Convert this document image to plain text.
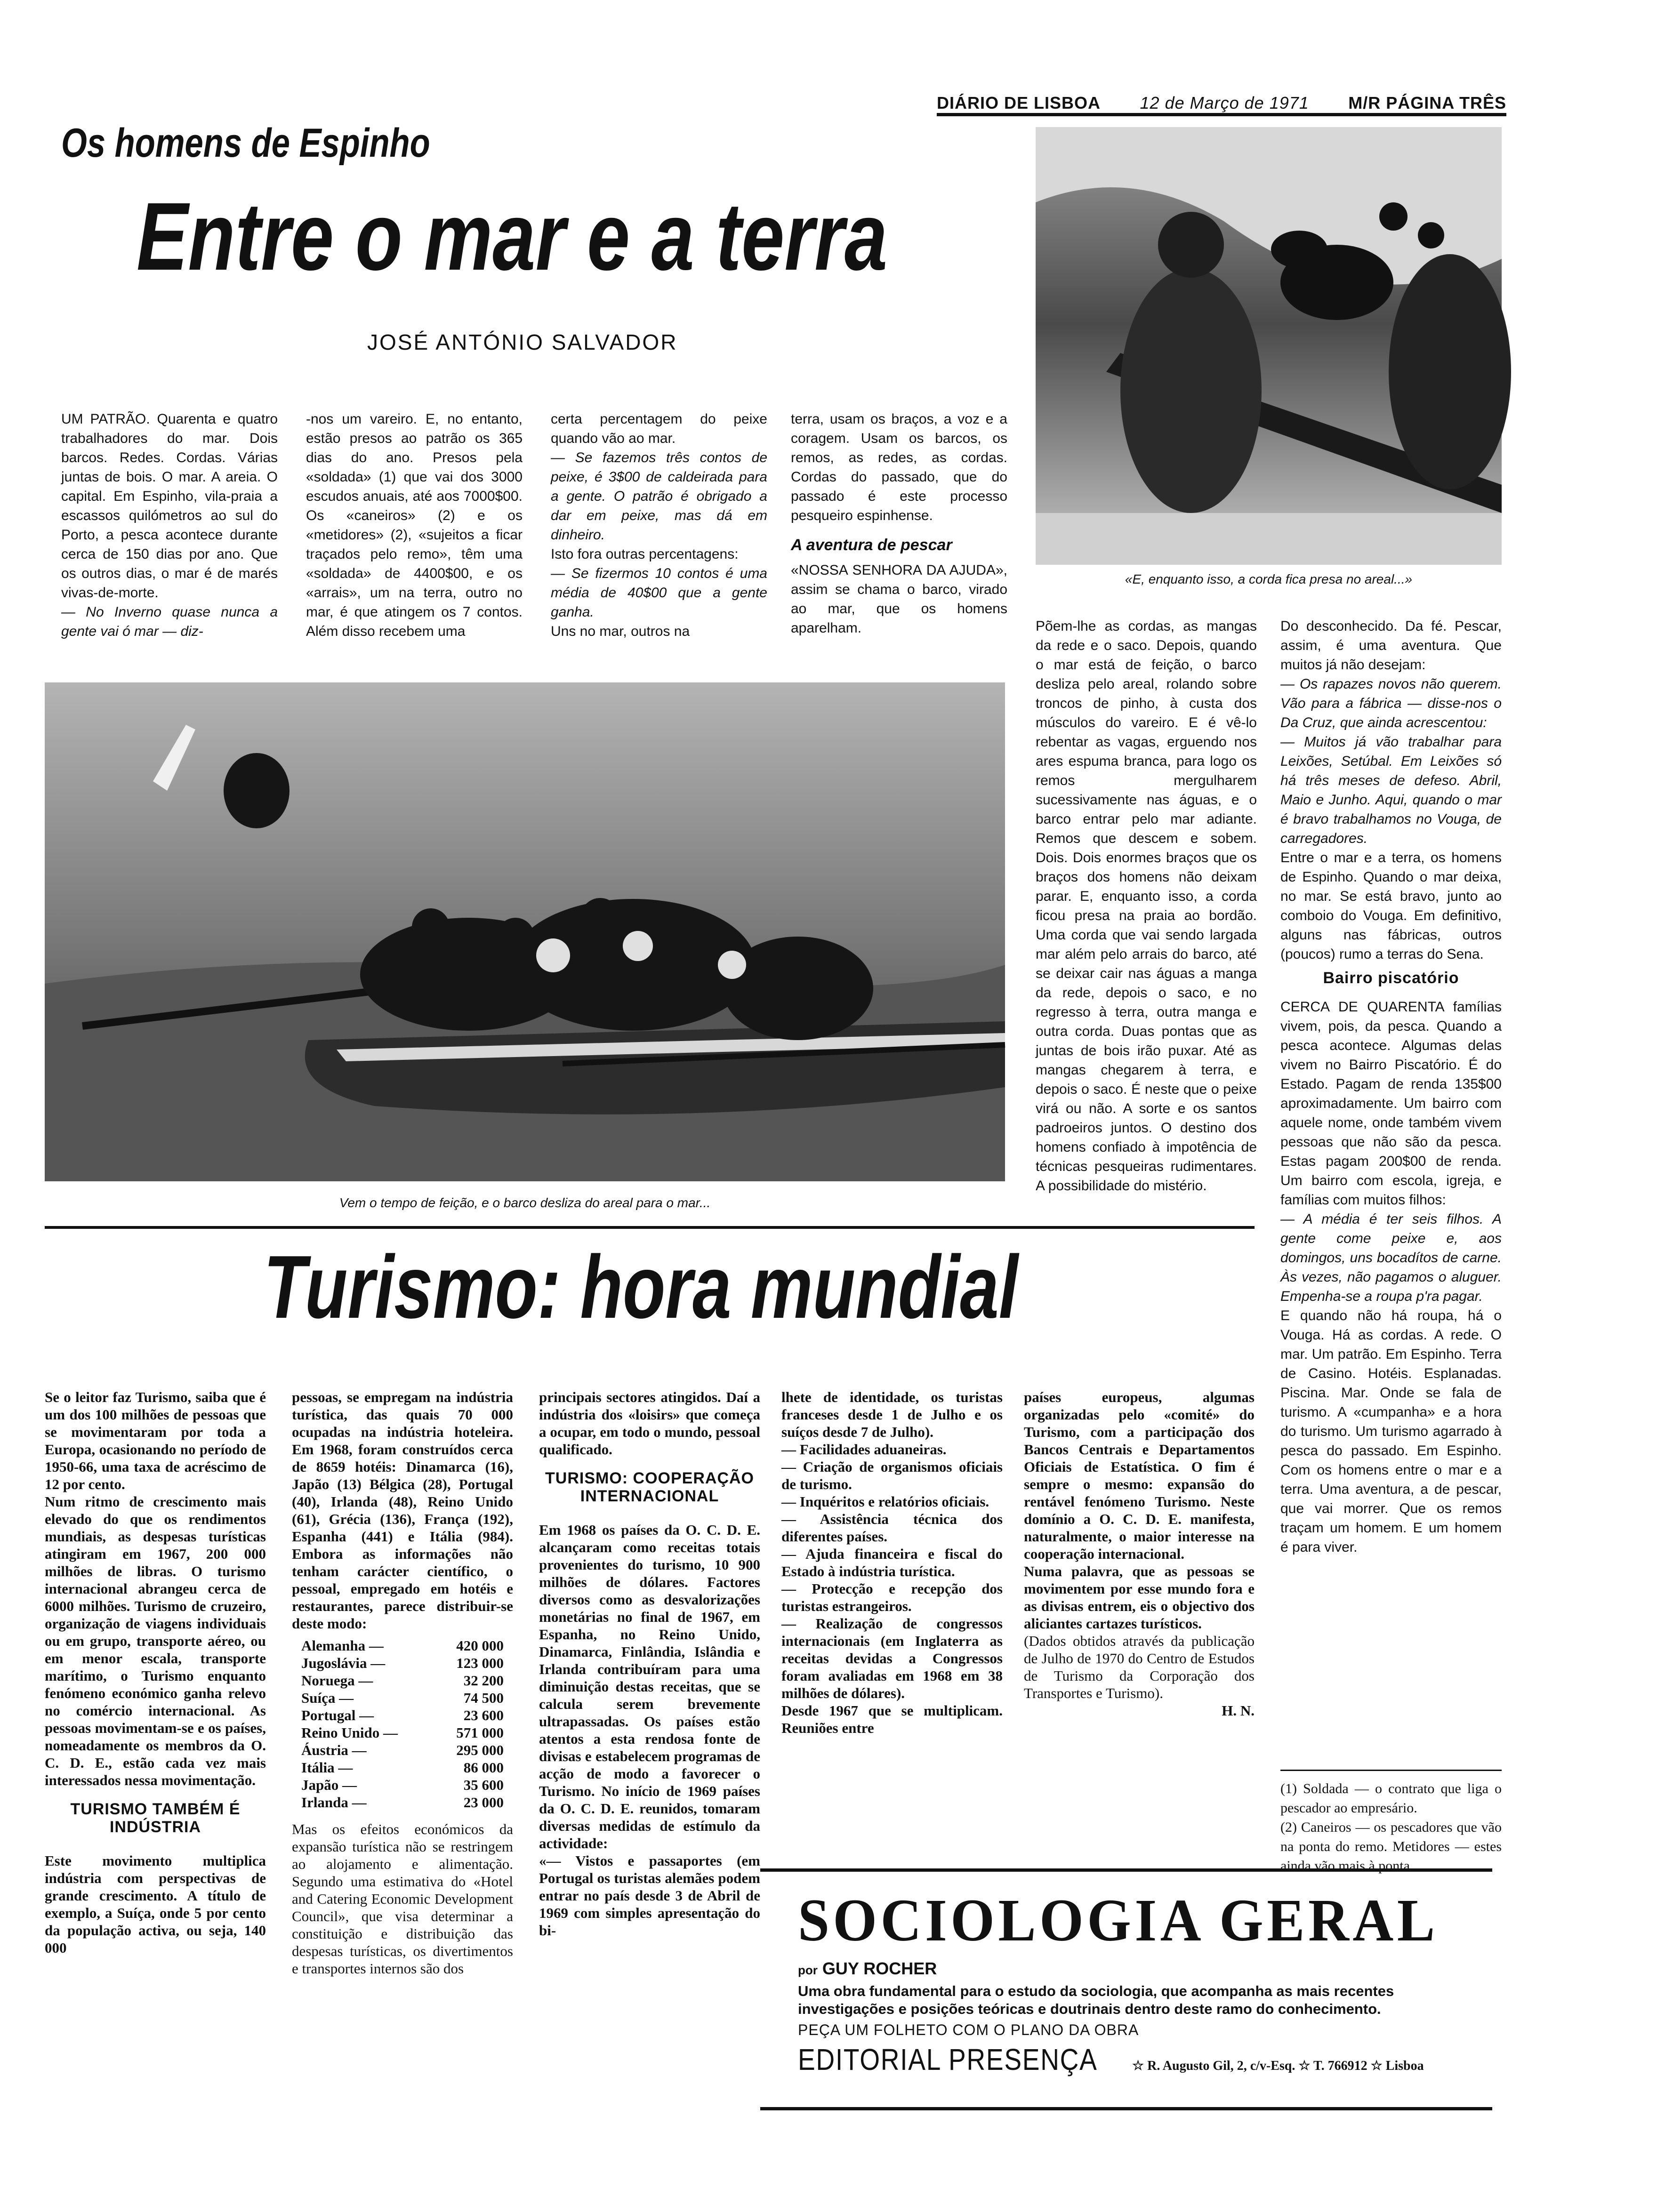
DIÁRIO DE LISBOA 12 de Março de 1971 M/R PÁGINA TRÊS
Os homens de Espinho
Entre o mar e a terra
JOSÉ ANTÓNIO SALVADOR
«E, enquanto isso, a corda fica presa no areal...»

UM PATRÃO. Quarenta e quatro trabalhadores do mar. Dois barcos. Redes. Cordas. Várias juntas de bois. O mar. A areia. O capital. Em Espinho, vila-praia a escassos quilómetros ao sul do Porto, a pesca acontece durante cerca de 150 dias por ano. Que os outros dias, o mar é de marés vivas-de-morte.

— No Inverno quase nunca a gente vai ó mar — diz-

-nos um vareiro. E, no entanto, estão presos ao patrão os 365 dias do ano. Presos pela «soldada» (1) que vai dos 3000 escudos anuais, até aos 7000$00. Os «caneiros» (2) e os «metidores» (2), «sujeitos a ficar traçados pelo remo», têm uma «soldada» de 4400$00, e os «arrais», um na terra, outro no mar, é que atingem os 7 contos. Além disso recebem uma

certa percentagem do peixe quando vão ao mar.

— Se fazemos três contos de peixe, é 3$00 de caldeirada para a gente. O patrão é obrigado a dar em peixe, mas dá em dinheiro.

Isto fora outras percentagens:

— Se fizermos 10 contos é uma média de 40$00 que a gente ganha.

Uns no mar, outros na

terra, usam os braços, a voz e a coragem. Usam os barcos, os remos, as redes, as cordas. Cordas do passado, que do passado é este processo pesqueiro espinhense.

A aventura de pescar

«NOSSA SENHORA DA AJUDA», assim se chama o barco, virado ao mar, que os homens aparelham.

Vem o tempo de feição, e o barco desliza do areal para o mar...

Põem-lhe as cordas, as mangas da rede e o saco. Depois, quando o mar está de feição, o barco desliza pelo areal, rolando sobre troncos de pinho, à custa dos músculos do vareiro. E é vê-lo rebentar as vagas, erguendo nos ares espuma branca, para logo os remos mergulharem sucessivamente nas águas, e o barco entrar pelo mar adiante. Remos que descem e sobem. Dois. Dois enormes braços que os braços dos homens não deixam parar. E, enquanto isso, a corda ficou presa na praia ao bordão. Uma corda que vai sendo largada mar além pelo arrais do barco, até se deixar cair nas águas a manga da rede, depois o saco, e no regresso à terra, outra manga e outra corda. Duas pontas que as juntas de bois irão puxar. Até as mangas chegarem à terra, e depois o saco. É neste que o peixe virá ou não. A sorte e os santos padroeiros juntos. O destino dos homens confiado à impotência de técnicas pesqueiras rudimentares. A possibilidade do mistério.

Do desconhecido. Da fé. Pescar, assim, é uma aventura. Que muitos já não desejam:

— Os rapazes novos não querem. Vão para a fábrica — disse-nos o Da Cruz, que ainda acrescentou:

— Muitos já vão trabalhar para Leixões, Setúbal. Em Leixões só há três meses de defeso. Abril, Maio e Junho. Aqui, quando o mar é bravo trabalhamos no Vouga, de carregadores.

Entre o mar e a terra, os homens de Espinho. Quando o mar deixa, no mar. Se está bravo, junto ao comboio do Vouga. Em definitivo, alguns nas fábricas, outros (poucos) rumo a terras do Sena.

Bairro piscatório

CERCA DE QUARENTA famílias vivem, pois, da pesca. Quando a pesca acontece. Algumas delas vivem no Bairro Piscatório. É do Estado. Pagam de renda 135$00 aproximadamente. Um bairro com aquele nome, onde também vivem pessoas que não são da pesca. Estas pagam 200$00 de renda. Um bairro com escola, igreja, e famílias com muitos filhos:

— A média é ter seis filhos. A gente come peixe e, aos domingos, uns bocadítos de carne. Às vezes, não pagamos o aluguer. Empenha-se a roupa p'ra pagar.

E quando não há roupa, há o Vouga. Há as cordas. A rede. O mar. Um patrão. Em Espinho. Terra de Casino. Hotéis. Esplanadas. Piscina. Mar. Onde se fala de turismo. A «cumpanha» e a hora do turismo. Um turismo agarrado à pesca do passado. Em Espinho. Com os homens entre o mar e a terra. Uma aventura, a de pescar, que vai morrer. Que os remos traçam um homem. E um homem é para viver.

(1) Soldada — o contrato que liga o pescador ao empresário.

(2) Caneiros — os pescadores que vão na ponta do remo. Metidores — estes ainda vão mais à ponta.

Turismo: hora mundial

Se o leitor faz Turismo, saiba que é um dos 100 milhões de pessoas que se movimentaram por toda a Europa, ocasionando no período de 1950-66, uma taxa de acréscimo de 12 por cento.

Num ritmo de crescimento mais elevado do que os rendimentos mundiais, as despesas turísticas atingiram em 1967, 200 000 milhões de libras. O turismo internacional abrangeu cerca de 6000 milhões. Turismo de cruzeiro, organização de viagens individuais ou em grupo, transporte aéreo, ou em menor escala, transporte marítimo, o Turismo enquanto fenómeno económico ganha relevo no comércio internacional. As pessoas movimentam-se e os países, nomeadamente os membros da O. C. D. E., estão cada vez mais interessados nessa movimentação.

TURISMO TAMBÉM É INDÚSTRIA

Este movimento multiplica indústria com perspectivas de grande crescimento. A título de exemplo, a Suíça, onde 5 por cento da população activa, ou seja, 140 000

pessoas, se empregam na indústria turística, das quais 70 000 ocupadas na indústria hoteleira. Em 1968, foram construídos cerca de 8659 hotéis: Dinamarca (16), Japão (13) Bélgica (28), Portugal (40), Irlanda (48), Reino Unido (61), Grécia (136), França (192), Espanha (441) e Itália (984). Embora as informações não tenham carácter científico, o pessoal, empregado em hotéis e restaurantes, parece distribuir-se deste modo:

Alemanha —	420 000
Jugoslávia —	123 000
Noruega —	32 200
Suíça —	74 500
Portugal —	23 600
Reino Unido —	571 000
Áustria —	295 000
Itália —	86 000
Japão —	35 600
Irlanda —	23 000

Mas os efeitos económicos da expansão turística não se restringem ao alojamento e alimentação. Segundo uma estimativa do «Hotel and Catering Economic Development Council», que visa determinar a constituição e distribuição das despesas turísticas, os divertimentos e transportes internos são dos

principais sectores atingidos. Daí a indústria dos «loisirs» que começa a ocupar, em todo o mundo, pessoal qualificado.

TURISMO: COOPERAÇÃO INTERNACIONAL

Em 1968 os países da O. C. D. E. alcançaram como receitas totais provenientes do turismo, 10 900 milhões de dólares. Factores diversos como as desvalorizações monetárias no final de 1967, em Espanha, no Reino Unido, Dinamarca, Finlândia, Islândia e Irlanda contribuíram para uma diminuição destas receitas, que se calcula serem brevemente ultrapassadas. Os países estão atentos a esta rendosa fonte de divisas e estabelecem programas de acção de modo a favorecer o Turismo. No início de 1969 países da O. C. D. E. reunidos, tomaram diversas medidas de estímulo da actividade:

«— Vistos e passaportes (em Portugal os turistas alemães podem entrar no país desde 3 de Abril de 1969 com simples apresentação do bi-

lhete de identidade, os turistas franceses desde 1 de Julho e os suíços desde 7 de Julho).

— Facilidades aduaneiras.

— Criação de organismos oficiais de turismo.

— Inquéritos e relatórios oficiais.

— Assistência técnica dos diferentes países.

— Ajuda financeira e fiscal do Estado à indústria turística.

— Protecção e recepção dos turistas estrangeiros.

— Realização de congressos internacionais (em Inglaterra as receitas devidas a Congressos foram avaliadas em 1968 em 38 milhões de dólares).

Desde 1967 que se multiplicam. Reuniões entre

países europeus, algumas organizadas pelo «comité» do Turismo, com a participação dos Bancos Centrais e Departamentos Oficiais de Estatística. O fim é sempre o mesmo: expansão do rentável fenómeno Turismo. Neste domínio a O. C. D. E. manifesta, naturalmente, o maior interesse na cooperação internacional.

Numa palavra, que as pessoas se movimentem por esse mundo fora e as divisas entrem, eis o objectivo dos aliciantes cartazes turísticos.

(Dados obtidos através da publicação de Julho de 1970 do Centro de Estudos de Turismo da Corporação dos Transportes e Turismo).

H. N.

SOCIOLOGIA GERAL
por GUY ROCHER
Uma obra fundamental para o estudo da sociologia, que acompanha as mais recentes investigações e posições teóricas e doutrinais dentro deste ramo do conhecimento.
PEÇA UM FOLHETO COM O PLANO DA OBRA
EDITORIAL PRESENÇA	☆ R. Augusto Gil, 2, c/v-Esq. ☆ T. 766912 ☆ Lisboa
